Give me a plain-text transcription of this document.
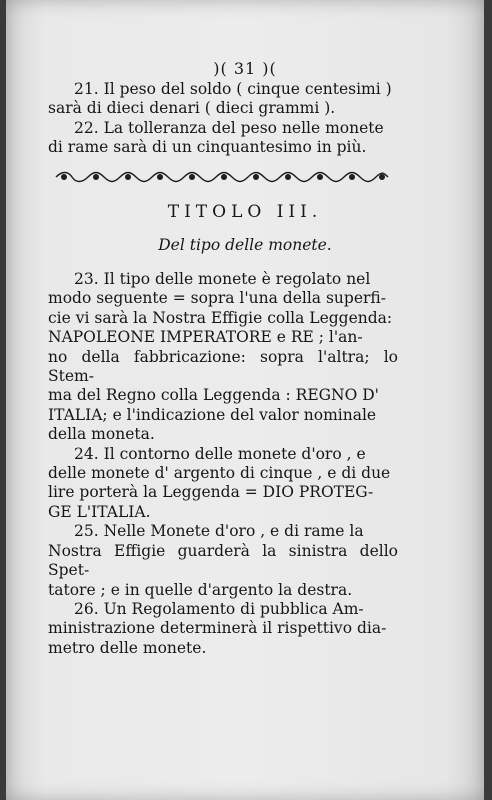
)( 31 )(

21. Il peso del soldo ( cinque centesimi )
sarà di dieci denari ( dieci grammi ).

22. La tolleranza del peso nelle monete
di rame sarà di un cinquantesimo in più.

TITOLO III.
Del tipo delle monete.

23. Il tipo delle monete è regolato nel
modo seguente = sopra l'una della superfi-
cie vi sarà la Nostra Effigie colla Leggenda:
NAPOLEONE IMPERATORE e RE ; l'an-
no della fabbricazione: sopra l'altra; lo Stem-
ma del Regno colla Leggenda : REGNO D'
ITALIA; e l'indicazione del valor nominale
della moneta.

24. Il contorno delle monete d'oro , e
delle monete d' argento di cinque , e di due
lire porterà la Leggenda = DIO PROTEG-
GE L'ITALIA.

25. Nelle Monete d'oro , e di rame la
Nostra Effigie guarderà la sinistra dello Spet-
tatore ; e in quelle d'argento la destra.

26. Un Regolamento di pubblica Am-
ministrazione determinerà il rispettivo dia-
metro delle monete.
